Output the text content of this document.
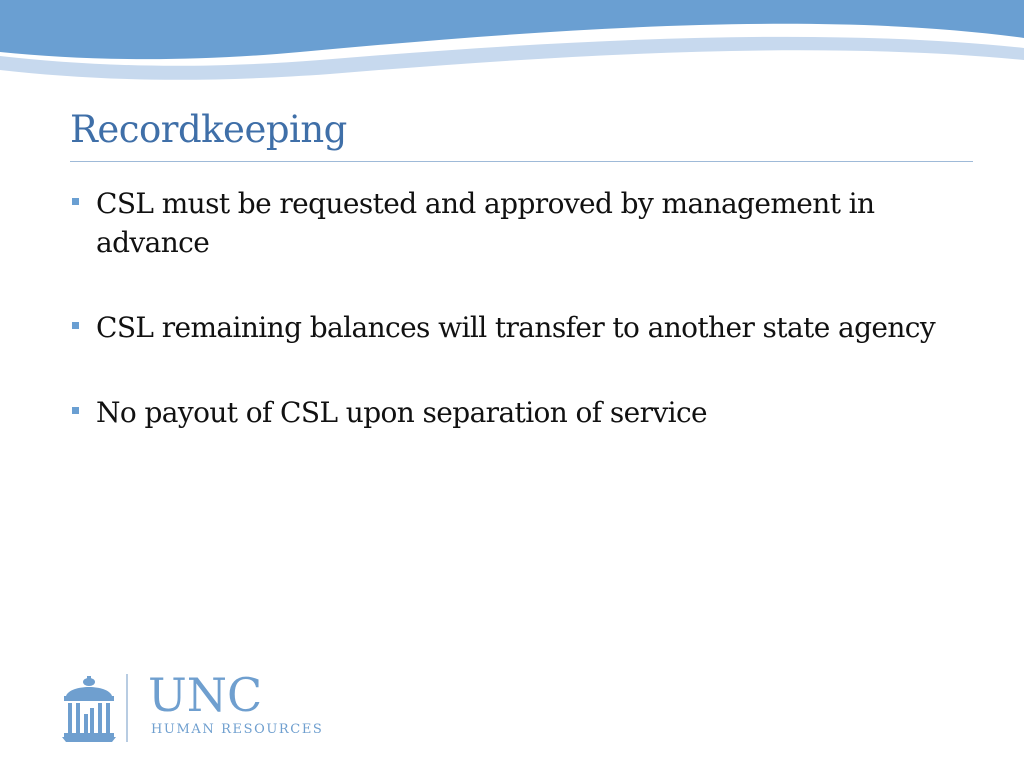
Recordkeeping
CSL must be requested and approved by management in advance
CSL remaining balances will transfer to another state agency
No payout of CSL upon separation of service
UNC
HUMAN RESOURCES
